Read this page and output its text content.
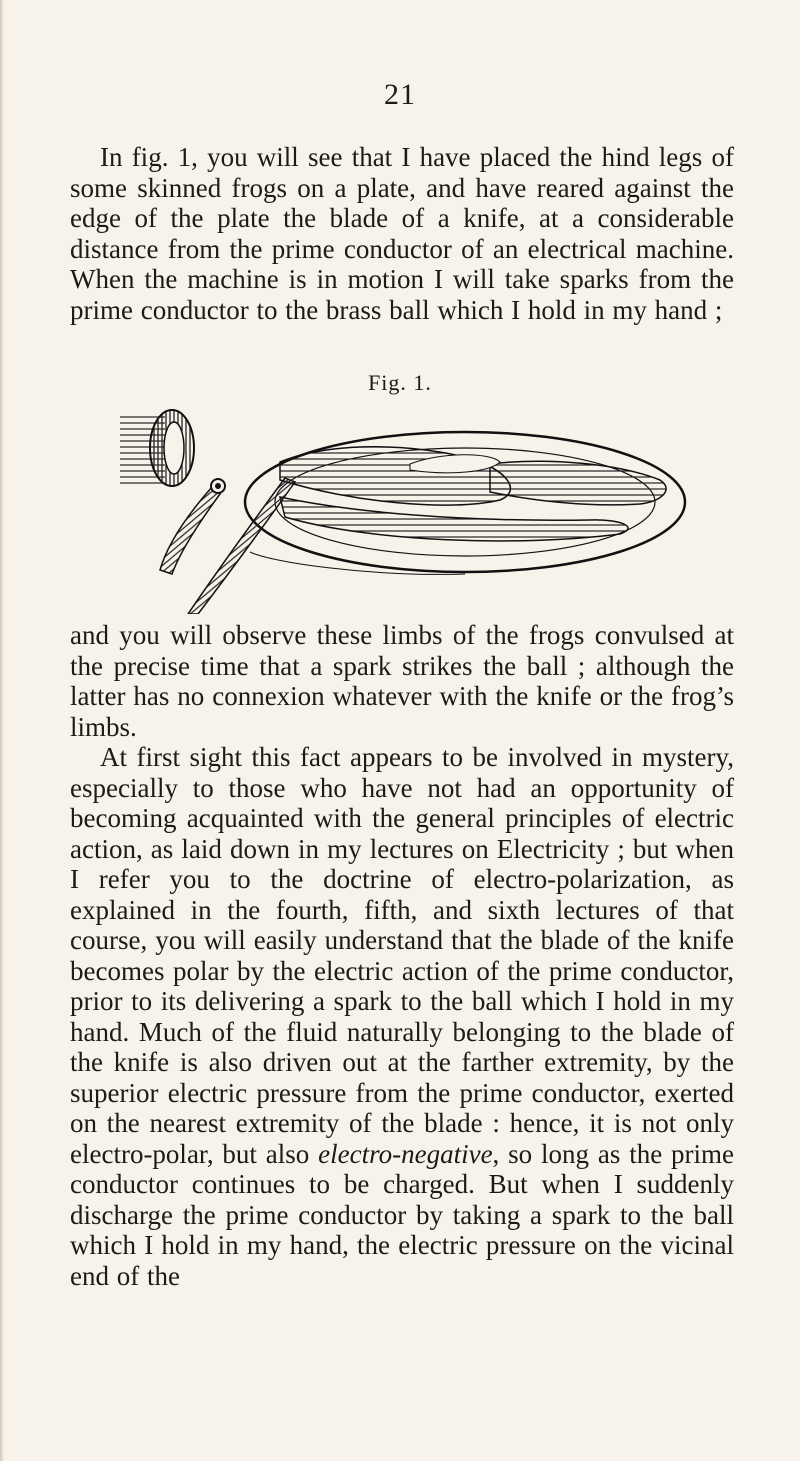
21

In fig. 1, you will see that I have placed the hind legs of some skinned frogs on a plate, and have reared against the edge of the plate the blade of a knife, at a considerable distance from the prime conductor of an electrical machine. When the machine is in motion I will take sparks from the prime conductor to the brass ball which I hold in my hand ;

Fig. 1.

and you will observe these limbs of the frogs convulsed at the precise time that a spark strikes the ball ; although the latter has no connexion whatever with the knife or the frog’s limbs.

At first sight this fact appears to be involved in mystery, especially to those who have not had an opportunity of becoming acquainted with the general principles of electric action, as laid down in my lectures on Electricity ; but when I refer you to the doctrine of electro-polarization, as explained in the fourth, fifth, and sixth lectures of that course, you will easily understand that the blade of the knife becomes polar by the electric action of the prime conductor, prior to its delivering a spark to the ball which I hold in my hand. Much of the fluid naturally belonging to the blade of the knife is also driven out at the farther extremity, by the superior electric pressure from the prime conductor, exerted on the nearest extremity of the blade : hence, it is not only electro-polar, but also electro-negative, so long as the prime conductor continues to be charged. But when I suddenly discharge the prime conductor by taking a spark to the ball which I hold in my hand, the electric pressure on the vicinal end of the
